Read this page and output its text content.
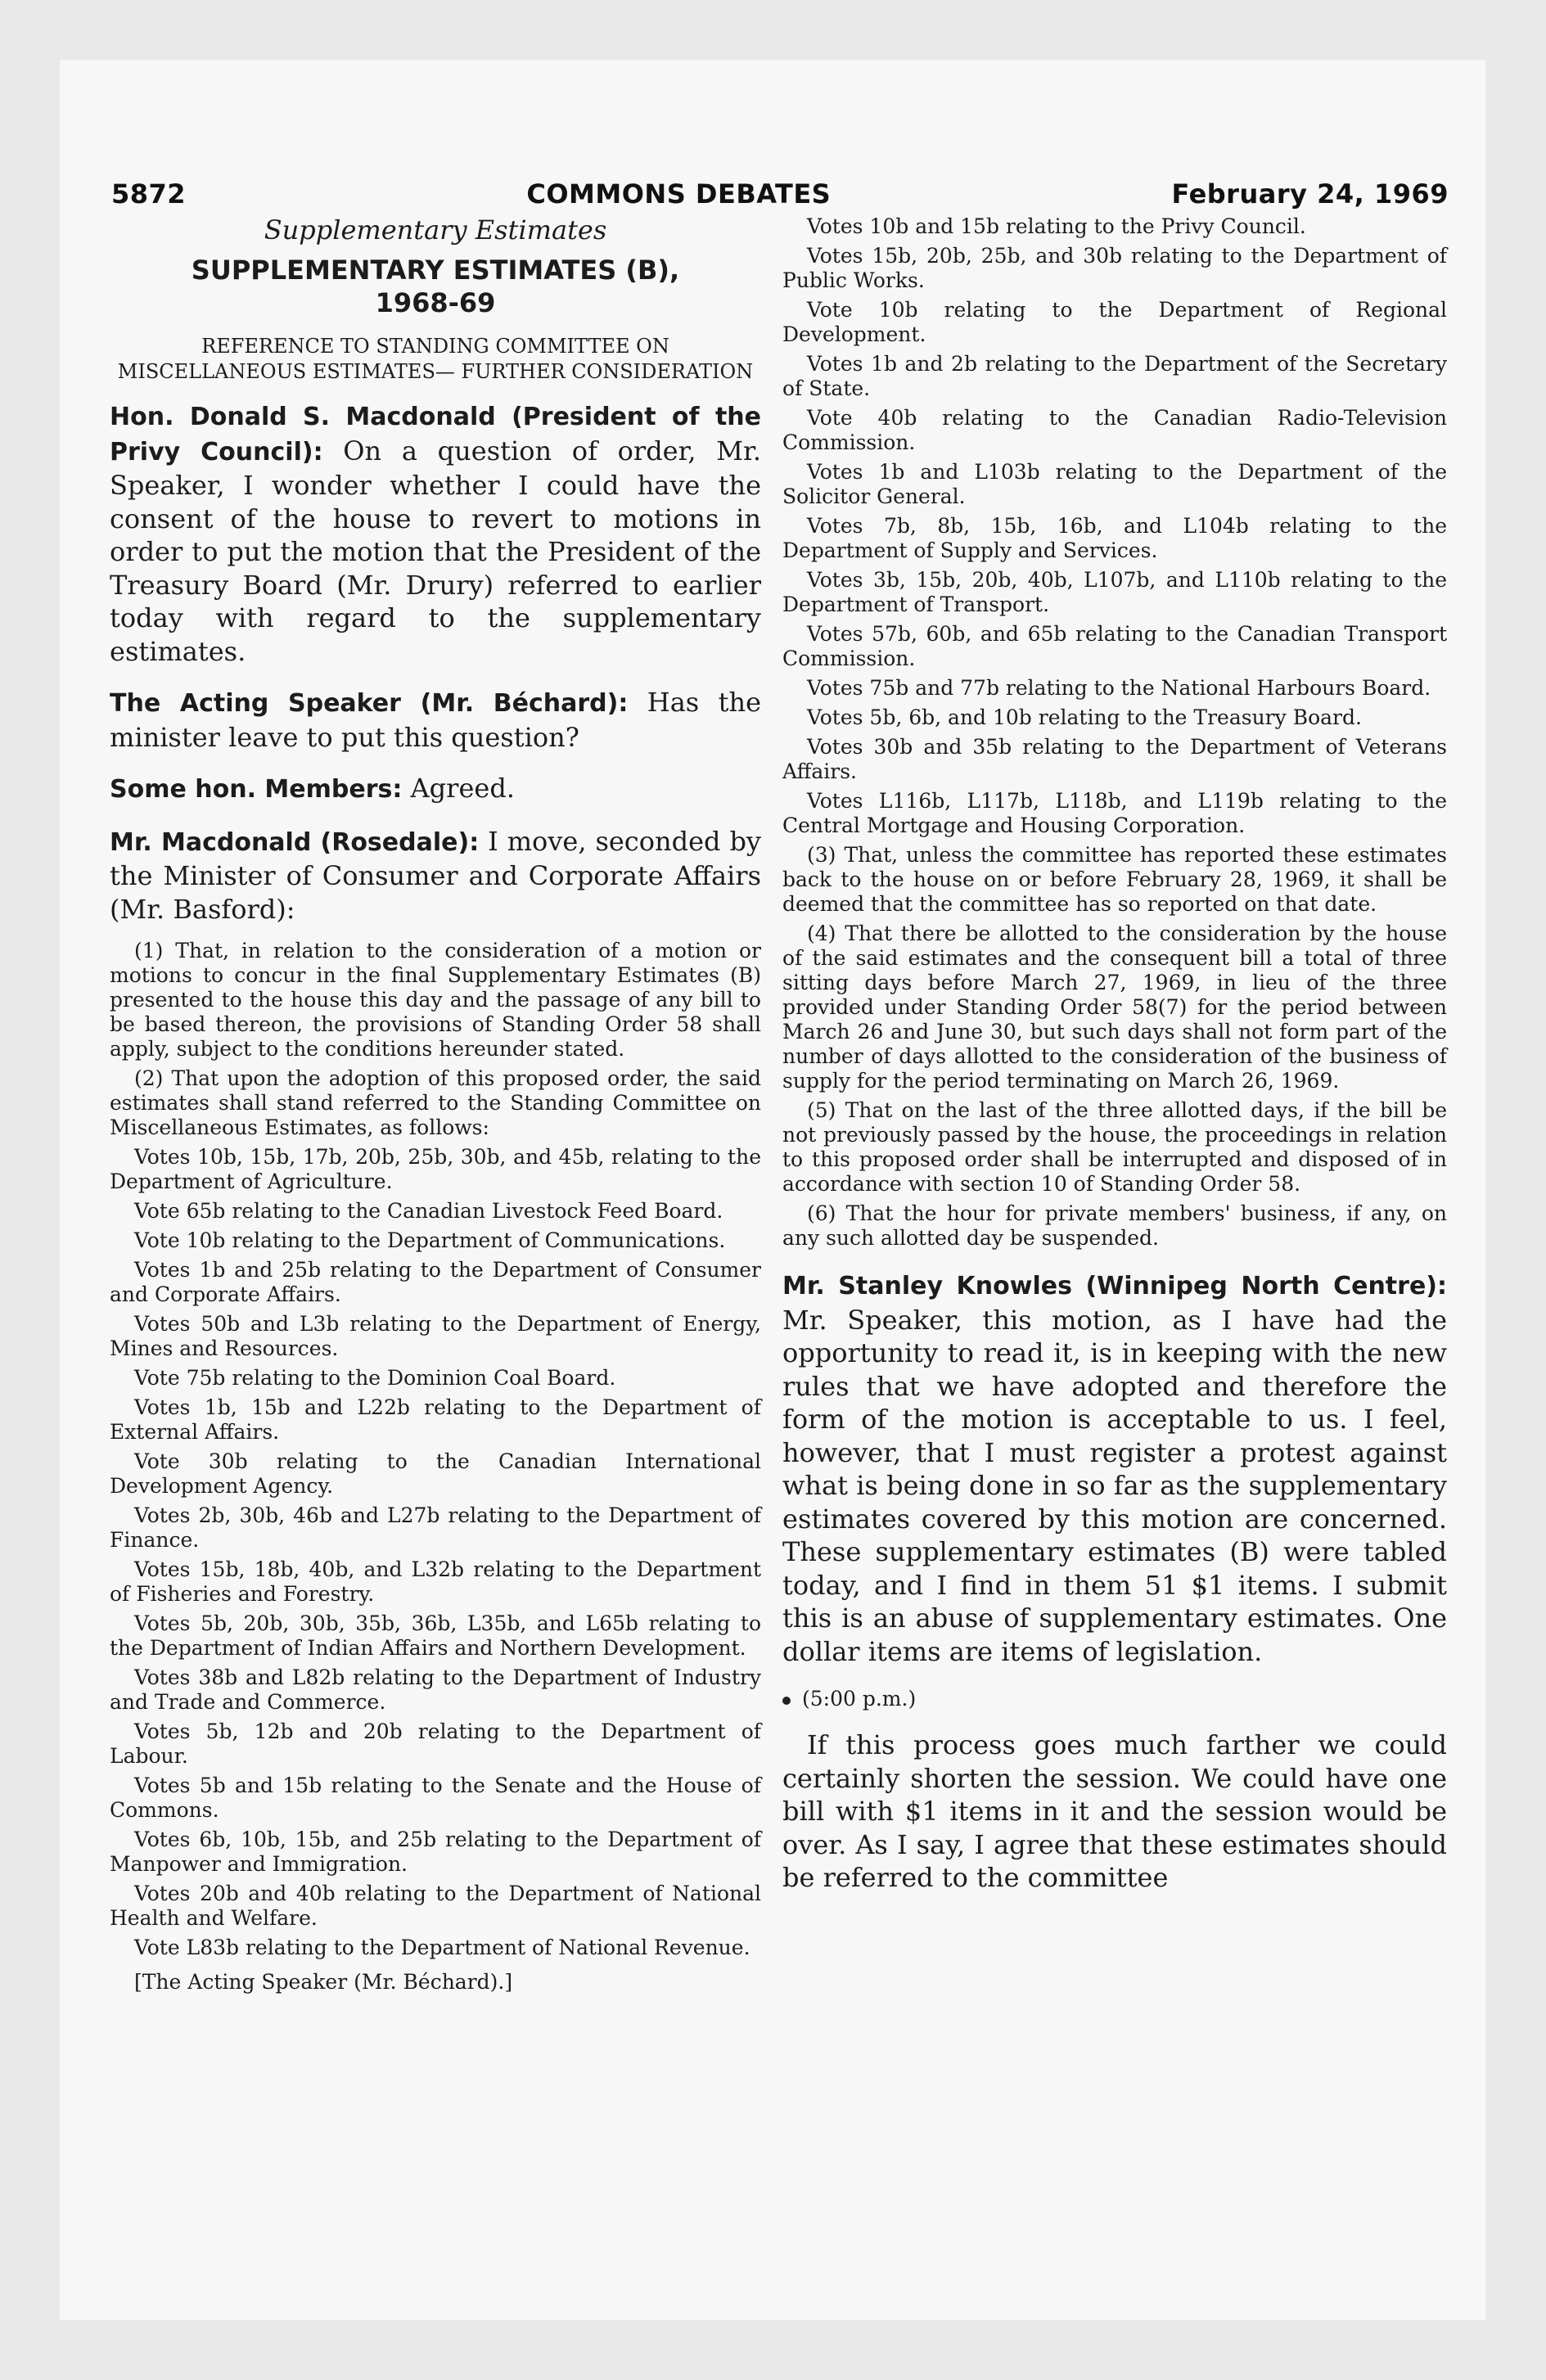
5872	COMMONS DEBATES	February 24, 1969

Supplementary Estimates

SUPPLEMENTARY ESTIMATES (B),

1968-69

REFERENCE TO STANDING COMMITTEE ON MISCELLANEOUS ESTIMATES— FURTHER CONSIDERATION

Hon. Donald S. Macdonald (President of the Privy Council): On a question of order, Mr. Speaker, I wonder whether I could have the consent of the house to revert to motions in order to put the motion that the President of the Treasury Board (Mr. Drury) referred to earlier today with regard to the supplementary estimates.

The Acting Speaker (Mr. Béchard): Has the minister leave to put this question?

Some hon. Members: Agreed.

Mr. Macdonald (Rosedale): I move, seconded by the Minister of Consumer and Corporate Affairs (Mr. Basford):

(1) That, in relation to the consideration of a motion or motions to concur in the final Supplementary Estimates (B) presented to the house this day and the passage of any bill to be based thereon, the provisions of Standing Order 58 shall apply, subject to the conditions hereunder stated.

(2) That upon the adoption of this proposed order, the said estimates shall stand referred to the Standing Committee on Miscellaneous Estimates, as follows:

Votes 10b, 15b, 17b, 20b, 25b, 30b, and 45b, relating to the Department of Agriculture.

Vote 65b relating to the Canadian Livestock Feed Board.

Vote 10b relating to the Department of Communications.

Votes 1b and 25b relating to the Department of Consumer and Corporate Affairs.

Votes 50b and L3b relating to the Department of Energy, Mines and Resources.

Vote 75b relating to the Dominion Coal Board.

Votes 1b, 15b and L22b relating to the Department of External Affairs.

Vote 30b relating to the Canadian International Development Agency.

Votes 2b, 30b, 46b and L27b relating to the Department of Finance.

Votes 15b, 18b, 40b, and L32b relating to the Department of Fisheries and Forestry.

Votes 5b, 20b, 30b, 35b, 36b, L35b, and L65b relating to the Department of Indian Affairs and Northern Development.

Votes 38b and L82b relating to the Department of Industry and Trade and Commerce.

Votes 5b, 12b and 20b relating to the Department of Labour.

Votes 5b and 15b relating to the Senate and the House of Commons.

Votes 6b, 10b, 15b, and 25b relating to the Department of Manpower and Immigration.

Votes 20b and 40b relating to the Department of National Health and Welfare.

Vote L83b relating to the Department of National Revenue.

[The Acting Speaker (Mr. Béchard).]

Votes 10b and 15b relating to the Privy Council.

Votes 15b, 20b, 25b, and 30b relating to the Department of Public Works.

Vote 10b relating to the Department of Regional Development.

Votes 1b and 2b relating to the Department of the Secretary of State.

Vote 40b relating to the Canadian Radio-Television Commission.

Votes 1b and L103b relating to the Department of the Solicitor General.

Votes 7b, 8b, 15b, 16b, and L104b relating to the Department of Supply and Services.

Votes 3b, 15b, 20b, 40b, L107b, and L110b relating to the Department of Transport.

Votes 57b, 60b, and 65b relating to the Canadian Transport Commission.

Votes 75b and 77b relating to the National Harbours Board.

Votes 5b, 6b, and 10b relating to the Treasury Board.

Votes 30b and 35b relating to the Department of Veterans Affairs.

Votes L116b, L117b, L118b, and L119b relating to the Central Mortgage and Housing Corporation.

(3) That, unless the committee has reported these estimates back to the house on or before February 28, 1969, it shall be deemed that the committee has so reported on that date.

(4) That there be allotted to the consideration by the house of the said estimates and the consequent bill a total of three sitting days before March 27, 1969, in lieu of the three provided under Standing Order 58(7) for the period between March 26 and June 30, but such days shall not form part of the number of days allotted to the consideration of the business of supply for the period terminating on March 26, 1969.

(5) That on the last of the three allotted days, if the bill be not previously passed by the house, the proceedings in relation to this proposed order shall be interrupted and disposed of in accordance with section 10 of Standing Order 58.

(6) That the hour for private members' business, if any, on any such allotted day be suspended.

Mr. Stanley Knowles (Winnipeg North Centre): Mr. Speaker, this motion, as I have had the opportunity to read it, is in keeping with the new rules that we have adopted and therefore the form of the motion is acceptable to us. I feel, however, that I must register a protest against what is being done in so far as the supplementary estimates covered by this motion are concerned. These supplementary estimates (B) were tabled today, and I find in them 51 $1 items. I submit this is an abuse of supplementary estimates. One dollar items are items of legislation.

(5:00 p.m.)

If this process goes much farther we could certainly shorten the session. We could have one bill with $1 items in it and the session would be over. As I say, I agree that these estimates should be referred to the committee
